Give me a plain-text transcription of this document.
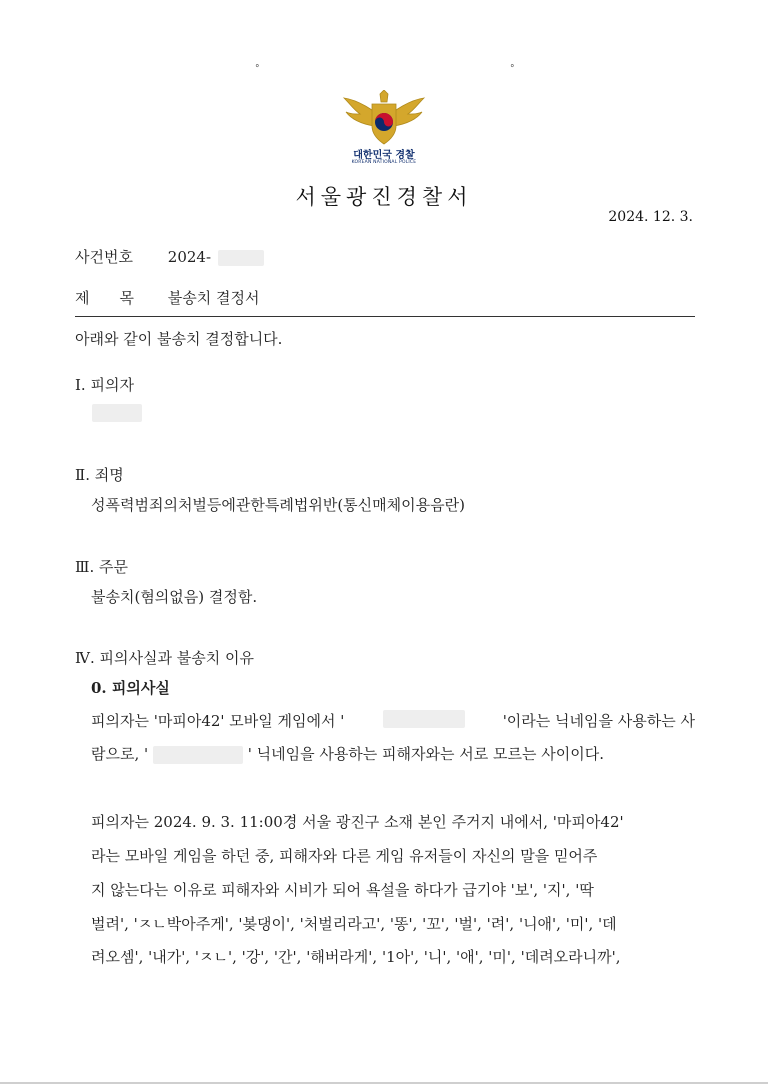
°	°
대한민국 경찰
KOREAN NATIONAL POLICE
서울광진경찰서
2024. 12. 3.
사건번호 2024-
제　　목 불송치 결정서
아래와 같이 불송치 결정합니다.
Ⅰ. 피의자
Ⅱ. 죄명
성폭력범죄의처벌등에관한특례법위반(통신매체이용음란)
Ⅲ. 주문
불송치(혐의없음) 결정함.
Ⅳ. 피의사실과 불송치 이유
0. 피의사실
피의자는 '마피아42' 모바일 게임에서 '	'이라는 닉네임을 사용하는 사
람으로, '	' 닉네임을 사용하는 피해자와는 서로 모르는 사이이다.
피의자는 2024. 9. 3. 11:00경 서울 광진구 소재 본인 주거지 내에서, '마피아42'
라는 모바일 게임을 하던 중, 피해자와 다른 게임 유저들이 자신의 말을 믿어주
지 않는다는 이유로 피해자와 시비가 되어 욕설을 하다가 급기야 '보', '지', '딱
벌려', 'ㅈㄴ박아주게', '봊댕이', '처벌리라고', '똥', '꼬', '벌', '려', '니애', '미', '데
려오셈', '내가', 'ㅈㄴ', '강', '간', '해버라게', '1아', '니', '애', '미', '데려오라니까',
